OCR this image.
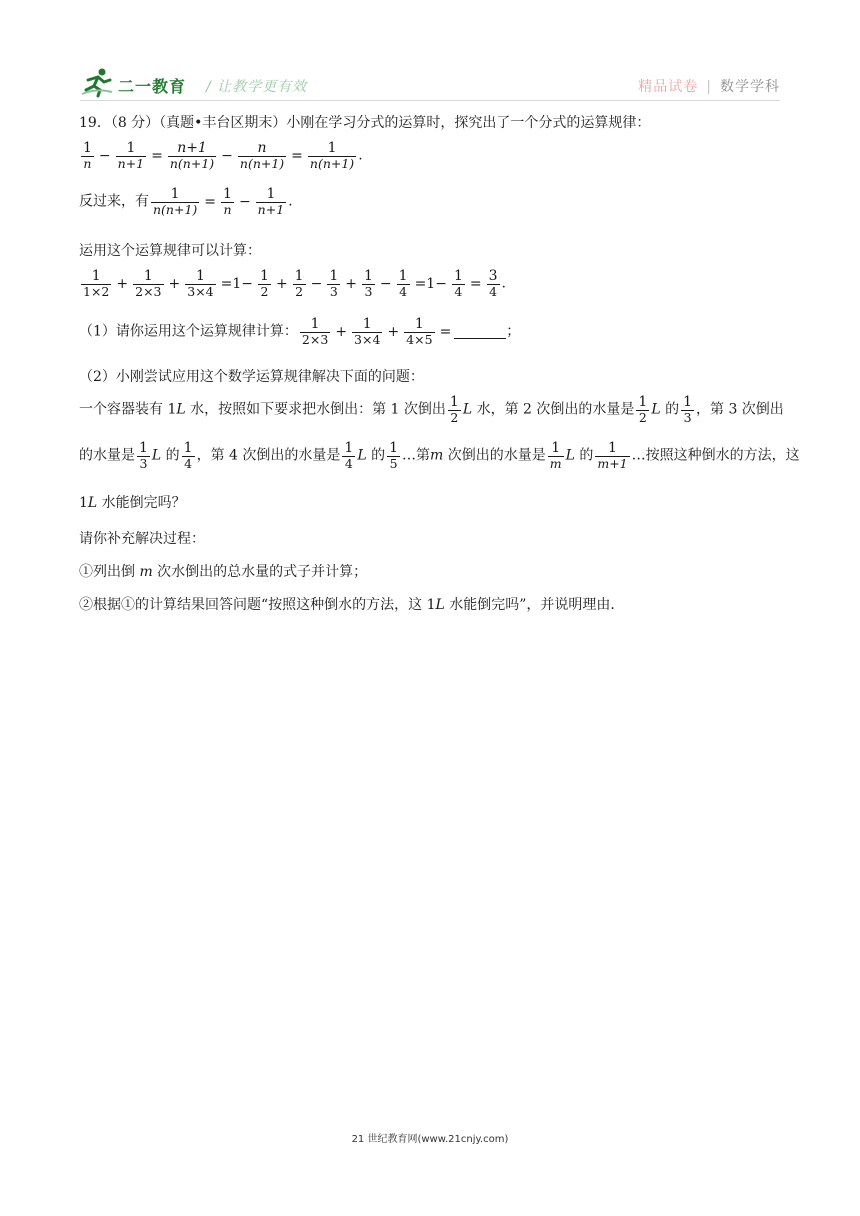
二一教育 / 让教学更有效	精品试卷 | 数学学科
19．（8 分）（真题•丰台区期末）小刚在学习分式的运算时，探究出了一个分式的运算规律：
$\frac{1}{n} - \frac{1}{n+1} = \frac{n+1}{n(n+1)} - \frac{n}{n(n+1)} = \frac{1}{n(n+1)}$ .
反过来，有 $\frac{1}{n(n+1)} = \frac{1}{n} - \frac{1}{n+1}$ .
运用这个运算规律可以计算：
$\frac{1}{1\times 2} + \frac{1}{2\times 3} + \frac{1}{3\times 4} =1- \frac{1}{2} + \frac{1}{2} - \frac{1}{3} + \frac{1}{3} - \frac{1}{4} =1- \frac{1}{4} = \frac{3}{4}$ .
（1）请你运用这个运算规律计算： $\frac{1}{2\times 3} + \frac{1}{3\times 4} + \frac{1}{4\times 5}$ =	；
（2）小刚尝试应用这个数学运算规律解决下面的问题：
一个容器装有 1L 水，按照如下要求把水倒出：第 1 次倒出 $\frac{1}{2}$ L 水，第 2 次倒出的水量是 $\frac{1}{2}$ L 的 $\frac{1}{3}$ ，第 3 次倒出
的水量是 $\frac{1}{3}$ L 的 $\frac{1}{4}$ ，第 4 次倒出的水量是 $\frac{1}{4}$ L 的 $\frac{1}{5}$ …第m 次倒出的水量是 $\frac{1}{m}$ L 的 $\frac{1}{m+1}$ …按照这种倒水的方法，这
1L 水能倒完吗？
请你补充解决过程：
①列出倒 m 次水倒出的总水量的式子并计算；
②根据①的计算结果回答问题“按照这种倒水的方法，这 1L 水能倒完吗”，并说明理由．
21 世纪教育网(www.21cnjy.com)
